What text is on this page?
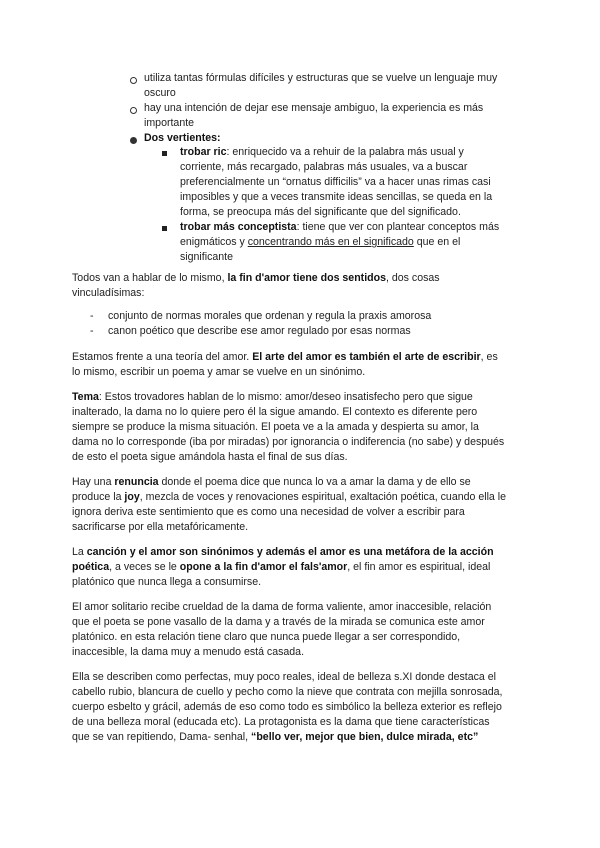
utiliza tantas fórmulas difíciles y estructuras que se vuelve un lenguaje muy
oscuro
hay una intención de dejar ese mensaje ambiguo, la experiencia es más
importante
Dos vertientes:
trobar ric: enriquecido va a rehuir de la palabra más usual y
corriente, más recargado, palabras más usuales, va a buscar
preferencialmente un “ornatus difficilis” va a hacer unas rimas casi
imposibles y que a veces transmite ideas sencillas, se queda en la
forma, se preocupa más del significante que del significado.
trobar más conceptista: tiene que ver con plantear conceptos más
enigmáticos y concentrando más en el significado que en el
significante
Todos van a hablar de lo mismo, la fin d'amor tiene dos sentidos, dos cosas
vinculadísimas:
- conjunto de normas morales que ordenan y regula la praxis amorosa
- canon poético que describe ese amor regulado por esas normas
Estamos frente a una teoría del amor. El arte del amor es también el arte de escribir, es
lo mismo, escribir un poema y amar se vuelve en un sinónimo.
Tema: Estos trovadores hablan de lo mismo: amor/deseo insatisfecho pero que sigue
inalterado, la dama no lo quiere pero él la sigue amando. El contexto es diferente pero
siempre se produce la misma situación. El poeta ve a la amada y despierta su amor, la
dama no lo corresponde (iba por miradas) por ignorancia o indiferencia (no sabe) y después
de esto el poeta sigue amándola hasta el final de sus días.
Hay una renuncia donde el poema dice que nunca lo va a amar la dama y de ello se
produce la joy, mezcla de voces y renovaciones espiritual, exaltación poética, cuando ella le
ignora deriva este sentimiento que es como una necesidad de volver a escribir para
sacrificarse por ella metafóricamente.
La canción y el amor son sinónimos y además el amor es una metáfora de la acción
poética, a veces se le opone a la fin d'amor el fals'amor, el fin amor es espiritual, ideal
platónico que nunca llega a consumirse.
El amor solitario recibe crueldad de la dama de forma valiente, amor inaccesible, relación
que el poeta se pone vasallo de la dama y a través de la mirada se comunica este amor
platónico. en esta relación tiene claro que nunca puede llegar a ser correspondido,
inaccesible, la dama muy a menudo está casada.
Ella se describen como perfectas, muy poco reales, ideal de belleza s.XI donde destaca el
cabello rubio, blancura de cuello y pecho como la nieve que contrata con mejilla sonrosada,
cuerpo esbelto y grácil, además de eso como todo es simbólico la belleza exterior es reflejo
de una belleza moral (educada etc). La protagonista es la dama que tiene características
que se van repitiendo, Dama- senhal, “bello ver, mejor que bien, dulce mirada, etc”
